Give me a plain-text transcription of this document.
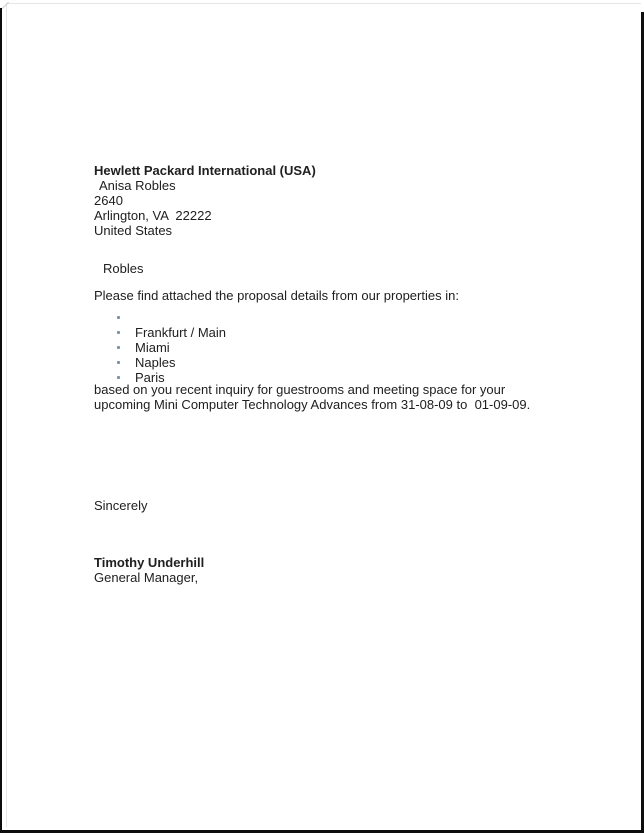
Hewlett Packard International (USA)
Anisa Robles
2640
Arlington, VA  22222
United States
Robles
Please find attached the proposal details from our properties in:
Frankfurt / Main
Miami
Naples
Paris
based on you recent inquiry for guestrooms and meeting space for your
upcoming Mini Computer Technology Advances from 31-08-09 to  01-09-09.
Sincerely
Timothy Underhill
General Manager,
